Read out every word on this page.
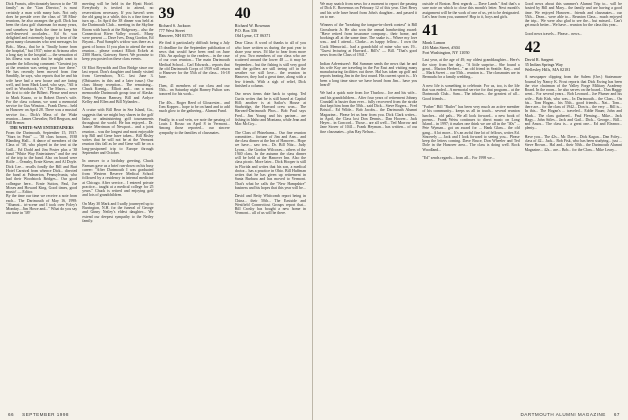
Dick Francis, affectionately known to the "38 family" as the "Gun Director," is most certainly a man with many hats. Not only does he preside over the class of '38 Mini-reunions, he also arranges the golf. Dick has been the class golf chairman for many years, and somehow he finds the time to keep his well-deserved accolades... Ed Sr. was delighted and extremely happy to hear of the great many classmates who sent messages for Bob... Mass., that he is "finally home from the hospital," but 1937; mine at Arizona after a long stay in the hospital — the sensation of his illness was such that he might want to ponder the following comment: "Greatest joy at the reunion was seeing your face there." He has recently been moved from fine Sandilly, he says, who reports that he and his wife have had a new house and are faring well, and from Mark Lund, who says, "All is well in Woodstock, Vt." The Marcs... were the first to ride the Bilbert. Please send news to Mark Kuzzo, or to Robert Doerr's wife. For the class column, we want a memorial service for Gus Winston... Frank Drew... held in Hanover on April 28. There was a musical service for... Dick's Mass of the Wake reunion... James Chevalier, Bell Bergson, and Bill Bremer.
THE WHITE-WAY ENTERTAINERS
From the Dartmouth, September 15, 1937: "Stars in Print" — '38 class honors, 1938 Blanding Hall... A dance of members of the Class of '38, who played in the tent at the Grill... Ed Dodd and Jim Poster plus a '38 band "White Way Entertainers" and the rest of the trip to the band. Also on board were Rolfe ... Ormsby, Ernie Kieser, and Al Doyle. Dick Lee... recalls fondly the Bill and Burt Hotel Carnival from whence Dick... directed the band at Palmerton, Pennsylvania, who had their Woodstock Bridges... Our good colleague here... Ernie Sutton, Paul, Joe Moses and Howard King. Good times, good music! — Editor.
By the time our time we receive a note from each... The Dartmouth of May 16, 1998: "Alumni... tri-scene and I took over Foley's Monday... Jim Howe and..." What do you say our time in '38?
meeting will be held in the Hyatt Hotel. Everybody is invited to attend, no reservations necessary. If you haven't seen the old gang in a while, this is a fine time to turn up... In April the 38 dinner was held at the Dartmouth Club... meeting in the Skyline Room with lunch at the Ridgeway... also the Connecticut River Valley crowd... Many were present — Dave Ives, Doug Gordon, Ed Bryant... Paul Sample's widow was there as a guest of honor. If you plan to attend the next reunion... please contact Elliott Eckels at 2300 Harris, Gateway Street. We promise to keep you posted on these class events.

Of Eliot Reynolds and Don Bridge since our last report. Don's daughter and family visited from Greensboro, N.C. last June 3. (Obituaries in this and a later issue.) Our class library reception... The remaining... Chuck Koenig... Elliott and... ran a most memorable Dartmouth group tour of Alaska: Betsy Wyman Ramsey, Bill and Ardyce Kelley and Ellen and Bill Nylander...

A cruise with Bill Bear in Sea Island, Ga., suggests that we might buy shares in the golf links or administering golf tournaments throughout the world. He has enjoyed... Dr. Joanie Merriman of Newport... and a joint reunion... was the longest and most enjoyable trip Bill and Gene have taken... Bill Risley writes that he will not be at the Vermont reunion this fall as he and Gene will be on a long-postponed trip to Europe through September and October.

In answer to a birthday greeting, Chuck Farnum gave us a brief run-down on his busy career: "After Dartmouth I was graduated from Western Reserve Medical School followed by a residency in internal medicine at Chicago. After service... I entered private practice... taught at a medical college for 25 years." Chuck is retired and enjoying golf and lots of grandchildren.

On May 30 Mark and I sadly journeyed up to Barrington, N.H. for the funeral of George and Ginny Neiley's eldest daughter... We extend our deepest sympathy to the Neiley family.
39
Richard S. Jackson
777 West Street
Hanover, NH 03755
We find it particularly difficult being a July 15 deadline for the September publication of news that would have been read on June 15th. An apology to the readers... in the case of our own reunion... The main Dartmouth Medical School... Carl Edwards... reports that the old Dartmouth Corps of 1939 will return to Hanover for the 55th of the class... 16-18 June.

Then, 41 members of our class and our 55th... on Saturday night Barney Fulton was honored for his work...

The 40s... Roger Reed of Gloucester... and Tom Kopper... hope to be on hand and to add much glow to the gathering... Alumni Fund.

Finally, in a sad vein, we note the passing of Louis J. Rosso on April 8 in Vermont... Among those reported... our sincere sympathy to the families of classmates.
40
Richard W. Bowman
P.O. Box 336
Old Lyme, CT 06371
Dear Class: A word of thanks to all of you who have written us during the past year to share your news. I'd like to hear from more of you. Two members of our class who are scattered around the lower 48 — it may be September... but the fishing is still very good and the golfers are still teeing off in the weather we still love... the reunion in Hanover, they had a great time, along with a few friends. With a sigh of relief, Dick finished a column.

Our news items date back to spring. Ted Curtis writes that he is still based at Capital Hill; another is at Sailor's House at Sturbridge, the Harvard crew won... The Harvard-Dartmouth Phos... Bob Paul says Fred... Jim Young and his partner... are fishing in Idaho and Montana, while Jean and Mac McCoy...

The Class of Phinehams... Our fine reunion committee... fortune of Jim and Ann... and the class dinner at the Inn of Hanover... Hope we have... saw ten... Dr. Bill Nitz... Judy Lyons... the Gordon Wilcoxes... others of the 1940 class. In the autumn the class dinner will be held at the Hanover Inn. Also the class picnic. More later... Dick Hooper is still in Florida and writes that his son, a medical doctor... has a practice in Ohio. Bill Huffman writes that he has given up retirement in Santa Barbara and has moved to Vermont. That's what he calls the "New Hampshire" business and his hopes that this year will be...

David and Betty Whitcomb report being in China... their 50th... The Eastside and Westfield Connecticut Groups report that... Bill Crosby has bought a new home in Vermont... all of us will be there.
66 SEPTEMBER 1998
We may snatch from news for a moment to report the passing of Dick E. Boeremus on February 12 of this year. Chet Berry and his wife have heard from John's daughter... and passed it on to me.

Winners of the "breaking the tongue-in-cheek contest" is Bill Grosshuetz Jr. He also won the annual handwriting award: "Have retired from insurance company... their home, and bookings all at the same time. The snake is... Where my love was... and I attend... Clarke... as happy fellow... I own the Cook Memorial... had a grandchild of mine who was 19... "Guest lecturing at Harvard... Bill's" — Bill. "That's good news from the Class of 1941."

Indian Adventures!: Hal Summer sends the news that he and his wife Kay are traveling in the Far East and visiting many manufacturing facilities out there. Hal has taken up golf and reports beating Jim in the first round. His current sport is... It's been a long time since we have heard from Jim... have you heard?

We had a quick note from Joe Thurlow... Joe and his wife... and his grandchildren... After four years of retirement Johnny Crandall is busier than ever... fully recovered from the stroke that kept him from the 50th... said Dick... Steve Rogers... Fred Bristol... Ed Wilde... Bob Jacobs... the Dartmouth Alumni Magazine... Please let us hear from you. Dick Clark writes... in April, the Class lost Don Dennis... Dan Hoover... Jack Heyer... in Concord... Those... are all well... Ted Morrow and Jane Stover of 1041... Frank Heyman... has written... of our fine classmates... plus Ray Nelson...
outside of Boston. Best regards — Dave Lamb." And that's a sure note on which to close this month's letter. Next month's assignment will be the work of one of us, yet to be designated. Let's hear from you, summer! Hop to it, boys and girls.
41
Monk Lamon
416 Main Street, #304
Fort Washington, NY 11050
Last year, at the age of 49, my oldest granddaughter... Here's the story from her day... "A little surprise... She found a great... Marion Herbert..." an old friend in Seattle. Kay... and ... Mark Sweet ... our 55th... reunion is... The classmates are in Bermuda for a family wedding...

A new life is something to celebrate. For us, too, is the life that was ended... A memorial service for that program... at the Dartmouth Club... Sam... The tributes... the greatest of all... Good friends...

"Father" Bill "Butler" has been very much an active member of his community... keeps us all in touch... several reunion lunches... old pals... We all look forward... a new book of poems... Frank Weiss continues to direct music on Long Island... in 1997; it makes one think we are all in the "40s" ... Pete Wyman... got an award for ... Hank Glass... the old gang... A lot more... It's an awful fine lot of fellows, writes Ed. Sincerely — Jack and I look forward to seeing you... Please keep the letters coming. Dave Bruce, Don Wheeler and Ted Dole in the Hanover area... The class is doing well. Rock Woodland...

"Ed" sends regards... from all... For 1998 we...
Good news about this summer's Alumni Trip to... will be hosted by Bill and Mary... the family and are having a good time. We enjoyed Hanover... friends and classmates... our 55th... Dean... were able to... Reunion Class... much enjoyed the trip... We were also glad to see the... but missed... Can't get much better... We have... reunion for the class this year...

Good news travels... Please... news...
42
David R. Sargent
35 Indian Springs Way
Wellesley Hills, MA 02181
A newspaper clipping from the Salem (Ore.) Statesman-Journal by Nancy K. Frost reports that Dick Ewing has been the vice chairman of the Valley Forge Military Academy Board. In the room... he also serves on the board... Dan Haggy went... For several years... Bob Leonard... Joe Plumer and his wife... Bob Kirk, who was... In Dartmouth... the Class... On his... Tom Hogan... his 55th... good friends... Nat... Tom... there are... for the class of 1942... Don is... the very ... Bill is... In this... The Hogan's ... traveled... Eddie Bauer, John and Mark... The class gathered... Paul Fleming... Mike... Jack Hagy... John Stiles... Jack and Gail... Dick... George... Bill... and Amos... The class is... a great one... Ed and Eleanor... plenty...

Have you... The 42s... Mr. Dave... Dick Kagan... Dan Foley... class of 42... Jack... Bob Fisk, who has been studying... just ... Steve Brown... Hal and... their 50th... the Dartmouth Alumni Magazine... 42s... are... Bob... for the Class... Mike Leary...
DARTMOUTH ALUMNI MAGAZINE 67
